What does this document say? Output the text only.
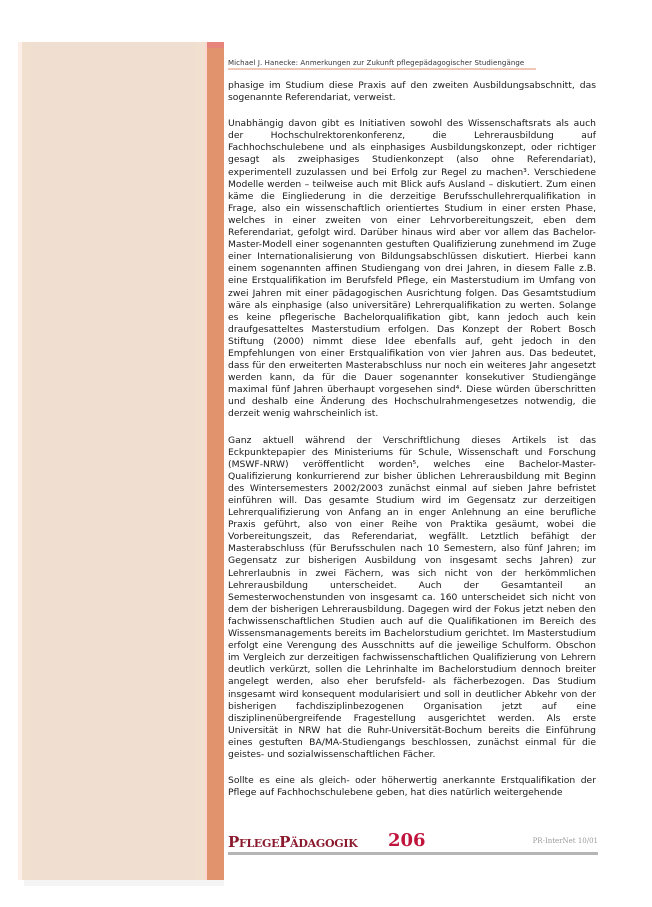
Michael J. Hanecke: Anmerkungen zur Zukunft pflegepädagogischer Studiengänge

phasige im Studium diese Praxis auf den zweiten Ausbildungsabschnitt, das sogenannte Referendariat, verweist.

Unabhängig davon gibt es Initiativen sowohl des Wissenschaftsrats als auch der Hochschulrektorenkonferenz, die Lehrerausbildung auf Fachhochschulebene und als einphasiges Ausbildungskonzept, oder richtiger gesagt als zweiphasiges Studienkonzept (also ohne Referendariat), experimentell zuzulassen und bei Erfolg zur Regel zu machen³. Verschiedene Modelle werden – teilweise auch mit Blick aufs Ausland – diskutiert. Zum einen käme die Eingliederung in die derzeitige Berufsschullehrerqualifikation in Frage, also ein wissenschaftlich orientiertes Studium in einer ersten Phase, welches in einer zweiten von einer Lehrvorbereitungszeit, eben dem Referendariat, gefolgt wird. Darüber hinaus wird aber vor allem das Bachelor-Master-Modell einer sogenannten gestuften Qualifizierung zunehmend im Zuge einer Internationalisierung von Bildungsabschlüssen diskutiert. Hierbei kann einem sogenannten affinen Studiengang von drei Jahren, in diesem Falle z.B. eine Erstqualifikation im Berufsfeld Pflege, ein Masterstudium im Umfang von zwei Jahren mit einer pädagogischen Ausrichtung folgen. Das Gesamtstudium wäre als einphasige (also universitäre) Lehrerqualifikation zu werten. Solange es keine pflegerische Bachelorqualifikation gibt, kann jedoch auch kein draufgesatteltes Masterstudium erfolgen. Das Konzept der Robert Bosch Stiftung (2000) nimmt diese Idee ebenfalls auf, geht jedoch in den Empfehlungen von einer Erstqualifikation von vier Jahren aus. Das bedeutet, dass für den erweiterten Masterabschluss nur noch ein weiteres Jahr angesetzt werden kann, da für die Dauer sogenannter konsekutiver Studiengänge maximal fünf Jahren überhaupt vorgesehen sind⁴. Diese würden überschritten und deshalb eine Änderung des Hochschulrahmengesetzes notwendig, die derzeit wenig wahrscheinlich ist.

Ganz aktuell während der Verschriftlichung dieses Artikels ist das Eckpunktepapier des Ministeriums für Schule, Wissenschaft und Forschung (MSWF-NRW) veröffentlicht worden⁵, welches eine Bachelor-Master-Qualifizierung konkurrierend zur bisher üblichen Lehrerausbildung mit Beginn des Wintersemesters 2002/2003 zunächst einmal auf sieben Jahre befristet einführen will. Das gesamte Studium wird im Gegensatz zur derzeitigen Lehrerqualifizierung von Anfang an in enger Anlehnung an eine berufliche Praxis geführt, also von einer Reihe von Praktika gesäumt, wobei die Vorbereitungszeit, das Referendariat, wegfällt. Letztlich befähigt der Masterabschluss (für Berufsschulen nach 10 Semestern, also fünf Jahren; im Gegensatz zur bisherigen Ausbildung von insgesamt sechs Jahren) zur Lehrerlaubnis in zwei Fächern, was sich nicht von der herkömmlichen Lehrerausbildung unterscheidet. Auch der Gesamtanteil an Semesterwochenstunden von insgesamt ca. 160 unterscheidet sich nicht von dem der bisherigen Lehrerausbildung. Dagegen wird der Fokus jetzt neben den fachwissenschaftlichen Studien auch auf die Qualifikationen im Bereich des Wissensmanagements bereits im Bachelorstudium gerichtet. Im Masterstudium erfolgt eine Verengung des Ausschnitts auf die jeweilige Schulform. Obschon im Vergleich zur derzeitigen fachwissenschaftlichen Qualifizierung von Lehrern deutlich verkürzt, sollen die Lehrinhalte im Bachelorstudium dennoch breiter angelegt werden, also eher berufsfeld- als fächerbezogen. Das Studium insgesamt wird konsequent modularisiert und soll in deutlicher Abkehr von der bisherigen fachdisziplinbezogenen Organisation jetzt auf eine disziplinenübergreifende Fragestellung ausgerichtet werden. Als erste Universität in NRW hat die Ruhr-Universität-Bochum bereits die Einführung eines gestuften BA/MA-Studiengangs beschlossen, zunächst einmal für die geistes- und sozialwissenschaftlichen Fächer.

Sollte es eine als gleich- oder höherwertig anerkannte Erstqualifikation der Pflege auf Fachhochschulebene geben, hat dies natürlich weitergehende

PflegePädagogik 206	PR-InterNet 10/01
